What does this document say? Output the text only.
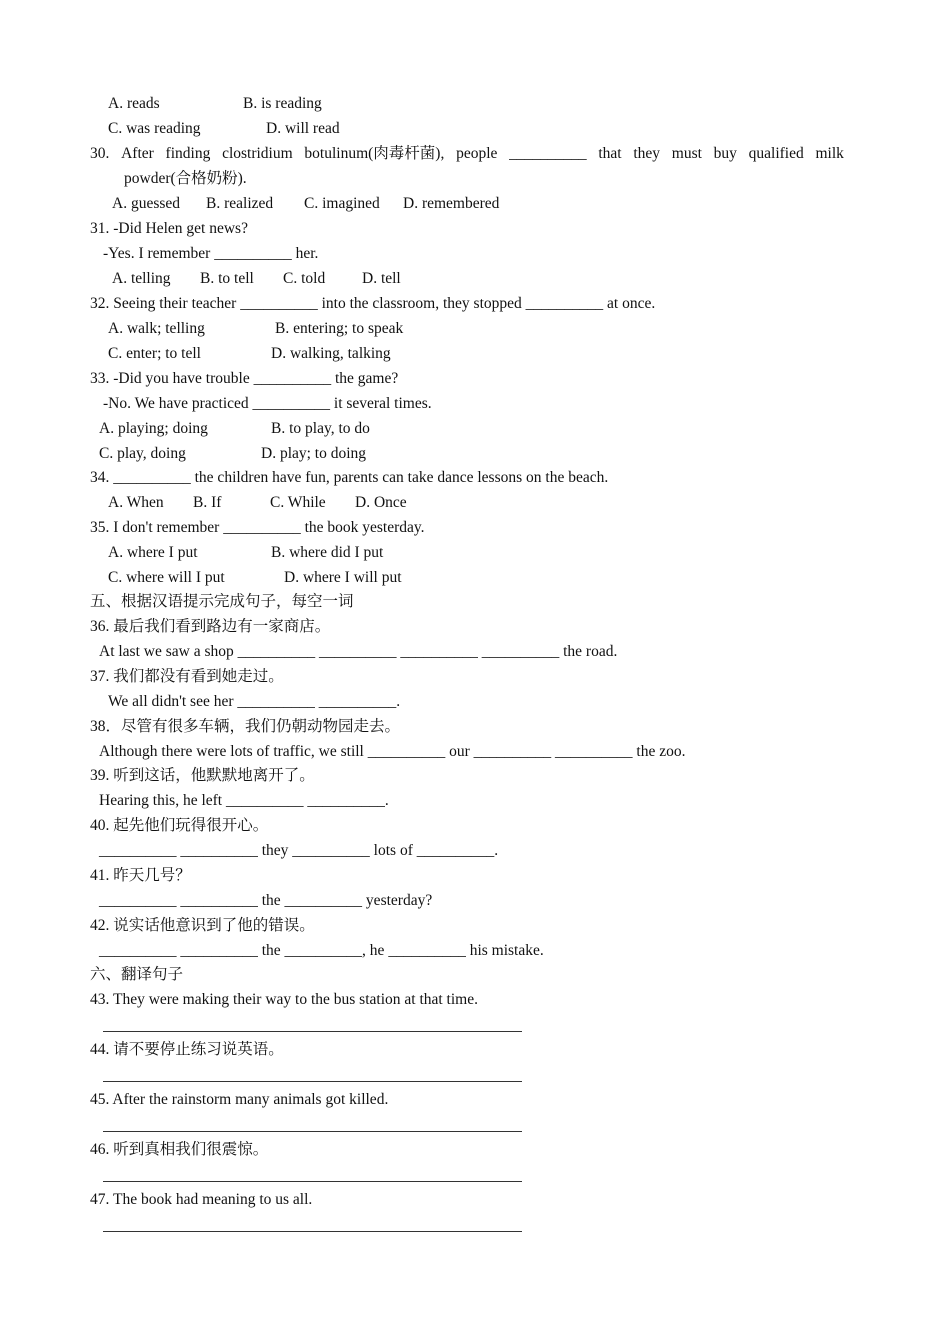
A. reads	B. is reading
C. was reading	D. will read
30. After finding clostridium botulinum(肉毒杆菌), people __________ that they must buy qualified milk
powder(合格奶粉).
A. guessed B. realized C. imagined D. remembered
31. -Did Helen get news?
-Yes. I remember __________ her.
A. telling B. to tell C. told D. tell
32. Seeing their teacher __________ into the classroom, they stopped __________ at once.
A. walk; telling	B. entering; to speak
C. enter; to tell	D. walking, talking
33. -Did you have trouble __________ the game?
-No. We have practiced __________ it several times.
A. playing; doing	B. to play, to do
C. play, doing	D. play; to doing
34. __________ the children have fun, parents can take dance lessons on the beach.
A. When B. If	C. While D. Once
35. I don't remember __________ the book yesterday.
A. where I put	B. where did I put
C. where will I put	D. where I will put
五、根据汉语提示完成句子，每空一词
36. 最后我们看到路边有一家商店。
At last we saw a shop __________ __________ __________ __________ the road.
37. 我们都没有看到她走过。
We all didn't see her __________ __________.
38．尽管有很多车辆，我们仍朝动物园走去。
Although there were lots of traffic, we still __________ our __________ __________ the zoo.
39. 听到这话，他默默地离开了。
Hearing this, he left __________ __________.
40. 起先他们玩得很开心。
__________ __________ they __________ lots of __________.
41. 昨天几号？
__________ __________ the __________ yesterday?
42. 说实话他意识到了他的错误。
__________ __________ the __________, he __________ his mistake.
六、翻译句子
43. They were making their way to the bus station at that time.
44. 请不要停止练习说英语。
45. After the rainstorm many animals got killed.
46. 听到真相我们很震惊。
47. The book had meaning to us all.
